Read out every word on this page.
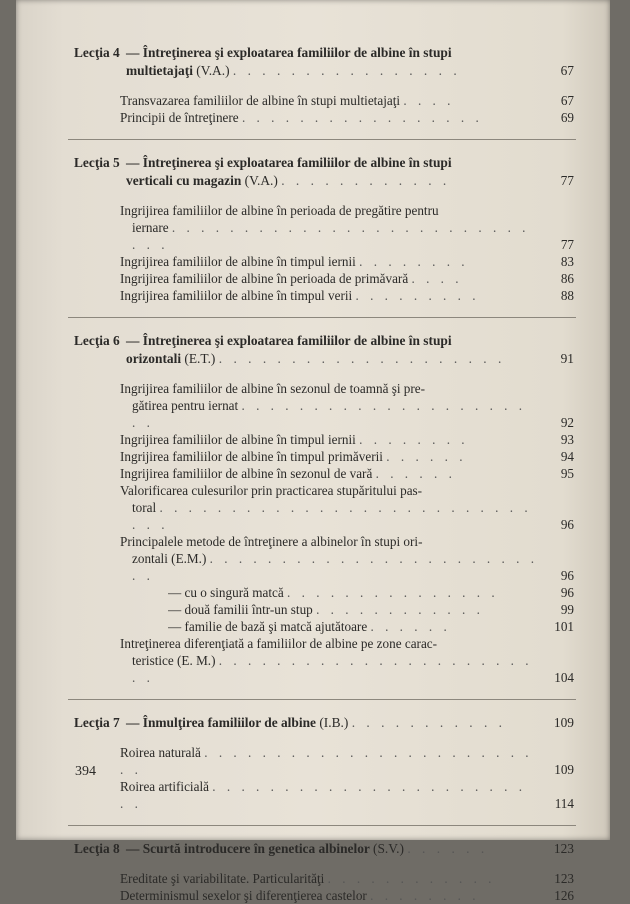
Lecţia 4 — Întreţinerea şi exploatarea familiilor de albine în stupi
multietajaţi (V.A.) . . . . . . . . . . . . . . . .	67
Transvazarea familiilor de albine în stupi multietajaţi . . . .	67
Principii de întreţinere . . . . . . . . . . . . . . . . .	69
Lecţia 5 — Întreţinerea şi exploatarea familiilor de albine în stupi
verticali cu magazin (V.A.) . . . . . . . . . . . .	77
Ingrijirea familiilor de albine în perioada de pregătire pentru
iernare . . . . . . . . . . . . . . . . . . . . . . . . . . . .	77
Ingrijirea familiilor de albine în timpul iernii . . . . . . . .	83
Ingrijirea familiilor de albine în perioada de primăvară . . . .	86
Ingrijirea familiilor de albine în timpul verii . . . . . . . . .	88
Lecţia 6 — Întreţinerea şi exploatarea familiilor de albine în stupi
orizontali (E.T.) . . . . . . . . . . . . . . . . . . . .	91
Ingrijirea familiilor de albine în sezonul de toamnă şi pre-
gătirea pentru iernat . . . . . . . . . . . . . . . . . . . . . .	92
Ingrijirea familiilor de albine în timpul iernii . . . . . . . .	93
Ingrijirea familiilor de albine în timpul primăverii . . . . . .	94
Ingrijirea familiilor de albine în sezonul de vară . . . . . .	95
Valorificarea culesurilor prin practicarea stupăritului pas-
toral . . . . . . . . . . . . . . . . . . . . . . . . . . . . .	96
Principalele metode de întreţinere a albinelor în stupi ori-
zontali (E.M.) . . . . . . . . . . . . . . . . . . . . . . . . .	96
— cu o singură matcă . . . . . . . . . . . . . . .	96
— două familii într-un stup . . . . . . . . . . . .	99
— familie de bază şi matcă ajutătoare . . . . . .	101
Intreţinerea diferenţiată a familiilor de albine pe zone carac-
teristice (E. M.) . . . . . . . . . . . . . . . . . . . . . . . .	104
Lecţia 7 — Înmulţirea familiilor de albine (I.B.) . . . . . . . . . . .	109
Roirea naturală . . . . . . . . . . . . . . . . . . . . . . . . .	109
Roirea artificială . . . . . . . . . . . . . . . . . . . . . . . .	114
Lecţia 8 — Scurtă introducere în genetica albinelor (S.V.) . . . . . .	123
Ereditate şi variabilitate. Particularităţi . . . . . . . . . . . .	123
Determinismul sexelor şi diferenţierea castelor . . . . . . . .	126
394
